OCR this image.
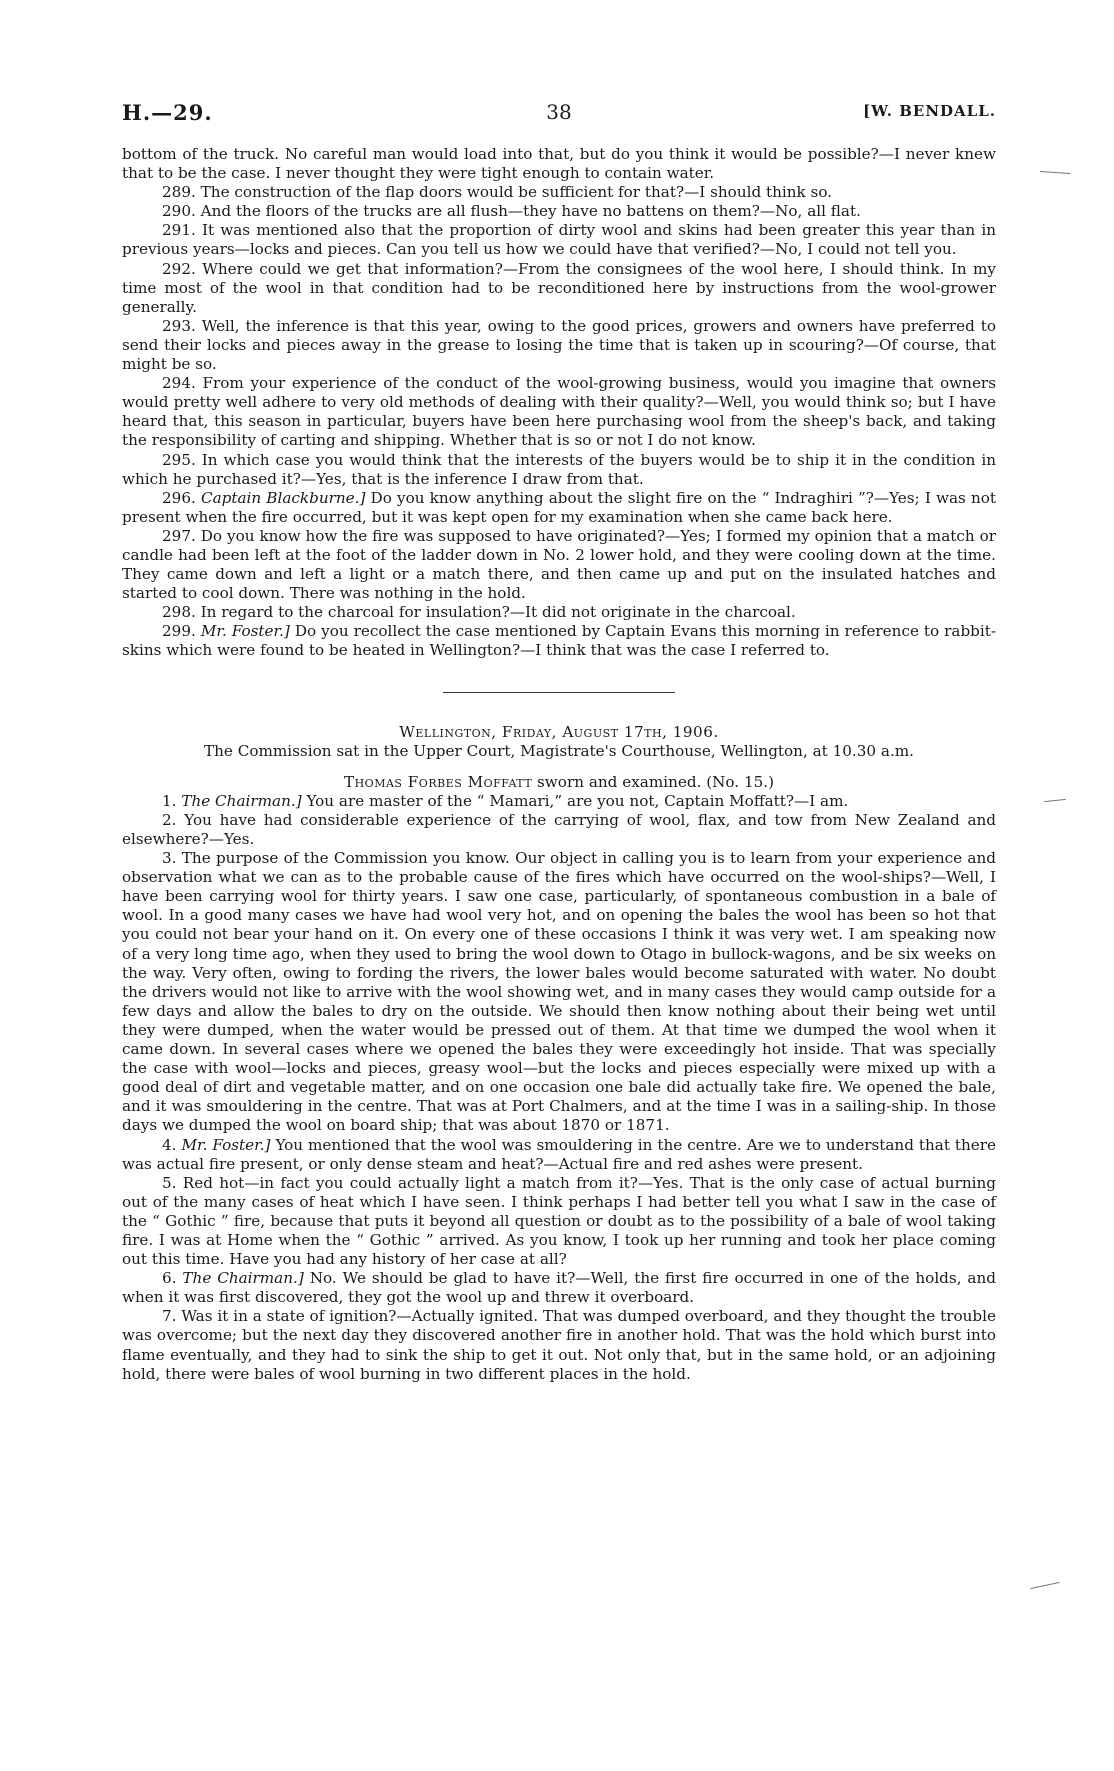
H.—29.	38	[W. BENDALL.

bottom of the truck. No careful man would load into that, but do you think it would be possible?—I never knew that to be the case. I never thought they were tight enough to contain water.

289. The construction of the flap doors would be sufficient for that?—I should think so.

290. And the floors of the trucks are all flush—they have no battens on them?—No, all flat.

291. It was mentioned also that the proportion of dirty wool and skins had been greater this year than in previous years—locks and pieces. Can you tell us how we could have that verified?—No, I could not tell you.

292. Where could we get that information?—From the consignees of the wool here, I should think. In my time most of the wool in that condition had to be reconditioned here by instructions from the wool-grower generally.

293. Well, the inference is that this year, owing to the good prices, growers and owners have preferred to send their locks and pieces away in the grease to losing the time that is taken up in scouring?—Of course, that might be so.

294. From your experience of the conduct of the wool-growing business, would you imagine that owners would pretty well adhere to very old methods of dealing with their quality?—Well, you would think so; but I have heard that, this season in particular, buyers have been here purchasing wool from the sheep's back, and taking the responsibility of carting and shipping. Whether that is so or not I do not know.

295. In which case you would think that the interests of the buyers would be to ship it in the condition in which he purchased it?—Yes, that is the inference I draw from that.

296. Captain Blackburne.] Do you know anything about the slight fire on the “ Indraghiri ”?—Yes; I was not present when the fire occurred, but it was kept open for my examination when she came back here.

297. Do you know how the fire was supposed to have originated?—Yes; I formed my opinion that a match or candle had been left at the foot of the ladder down in No. 2 lower hold, and they were cooling down at the time. They came down and left a light or a match there, and then came up and put on the insulated hatches and started to cool down. There was nothing in the hold.

298. In regard to the charcoal for insulation?—It did not originate in the charcoal.

299. Mr. Foster.] Do you recollect the case mentioned by Captain Evans this morning in reference to rabbit-skins which were found to be heated in Wellington?—I think that was the case I referred to.

Wellington, Friday, August 17th, 1906.

The Commission sat in the Upper Court, Magistrate's Courthouse, Wellington, at 10.30 a.m.

Thomas Forbes Moffatt sworn and examined. (No. 15.)

1. The Chairman.] You are master of the “ Mamari,” are you not, Captain Moffatt?—I am.

2. You have had considerable experience of the carrying of wool, flax, and tow from New Zealand and elsewhere?—Yes.

3. The purpose of the Commission you know. Our object in calling you is to learn from your experience and observation what we can as to the probable cause of the fires which have occurred on the wool-ships?—Well, I have been carrying wool for thirty years. I saw one case, particularly, of spontaneous combustion in a bale of wool. In a good many cases we have had wool very hot, and on opening the bales the wool has been so hot that you could not bear your hand on it. On every one of these occasions I think it was very wet. I am speaking now of a very long time ago, when they used to bring the wool down to Otago in bullock-wagons, and be six weeks on the way. Very often, owing to fording the rivers, the lower bales would become saturated with water. No doubt the drivers would not like to arrive with the wool showing wet, and in many cases they would camp outside for a few days and allow the bales to dry on the outside. We should then know nothing about their being wet until they were dumped, when the water would be pressed out of them. At that time we dumped the wool when it came down. In several cases where we opened the bales they were exceedingly hot inside. That was specially the case with wool—locks and pieces, greasy wool—but the locks and pieces especially were mixed up with a good deal of dirt and vegetable matter, and on one occasion one bale did actually take fire. We opened the bale, and it was smouldering in the centre. That was at Port Chalmers, and at the time I was in a sailing-ship. In those days we dumped the wool on board ship; that was about 1870 or 1871.

4. Mr. Foster.] You mentioned that the wool was smouldering in the centre. Are we to understand that there was actual fire present, or only dense steam and heat?—Actual fire and red ashes were present.

5. Red hot—in fact you could actually light a match from it?—Yes. That is the only case of actual burning out of the many cases of heat which I have seen. I think perhaps I had better tell you what I saw in the case of the “ Gothic ” fire, because that puts it beyond all question or doubt as to the possibility of a bale of wool taking fire. I was at Home when the “ Gothic ” arrived. As you know, I took up her running and took her place coming out this time. Have you had any history of her case at all?

6. The Chairman.] No. We should be glad to have it?—Well, the first fire occurred in one of the holds, and when it was first discovered, they got the wool up and threw it overboard.

7. Was it in a state of ignition?—Actually ignited. That was dumped overboard, and they thought the trouble was overcome; but the next day they discovered another fire in another hold. That was the hold which burst into flame eventually, and they had to sink the ship to get it out. Not only that, but in the same hold, or an adjoining hold, there were bales of wool burning in two different places in the hold.
